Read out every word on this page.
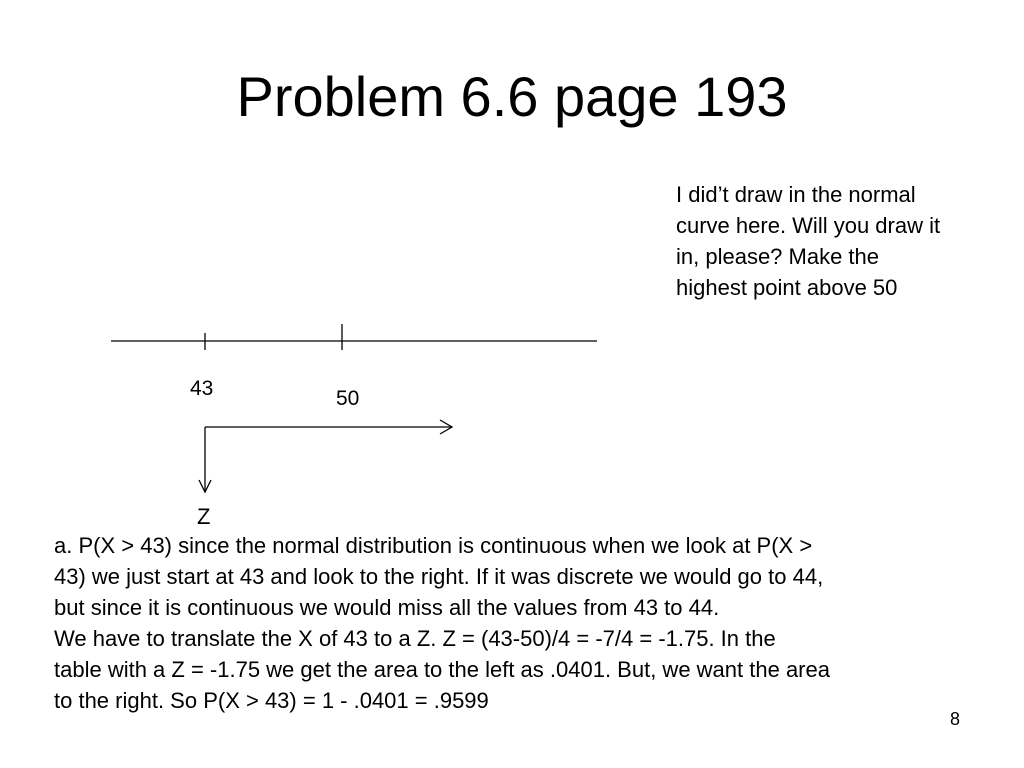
Problem 6.6 page 193
I did’t draw in the normal
curve here. Will you draw it
in, please? Make the
highest point above 50
43	50
Z
a. P(X > 43) since the normal distribution is continuous when we look at P(X >
43) we just start at 43 and look to the right. If it was discrete we would go to 44,
but since it is continuous we would miss all the values from 43 to 44.
We have to translate the X of 43 to a Z. Z = (43-50)/4 = -7/4 = -1.75. In the
table with a Z = -1.75 we get the area to the left as .0401. But, we want the area
to the right. So P(X > 43) = 1 - .0401 = .9599
8
